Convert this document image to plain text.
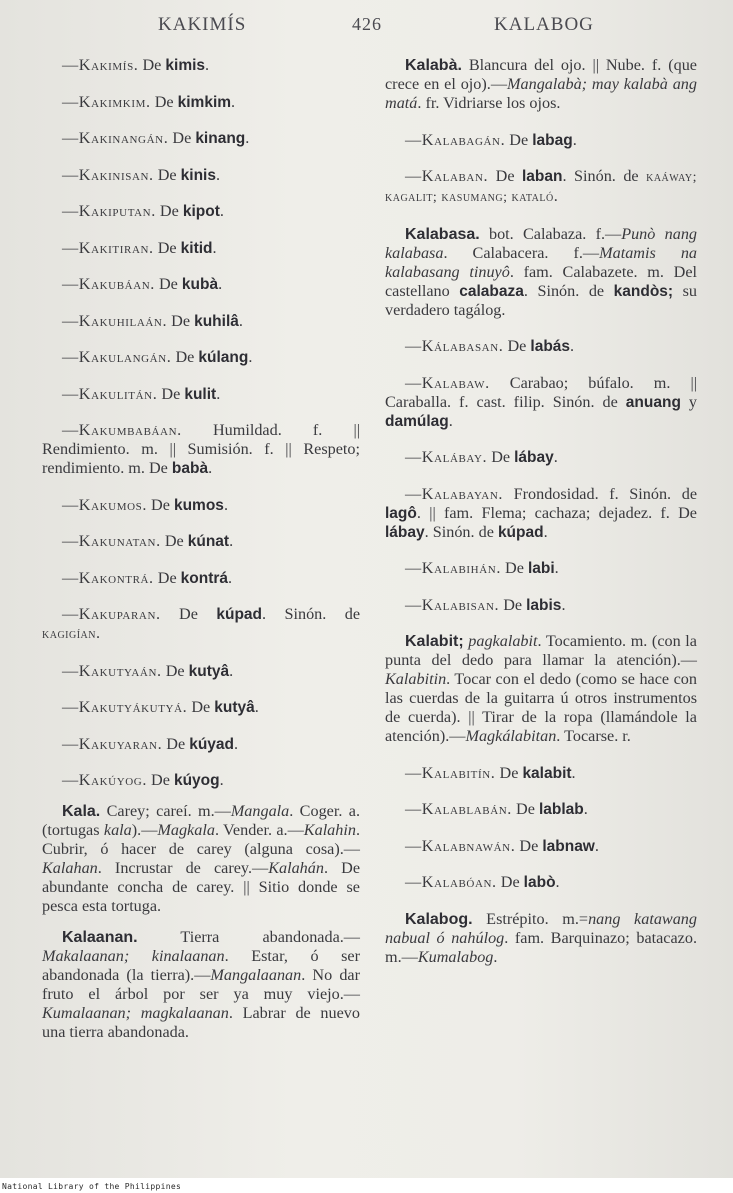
KAKIMÍS	426	KALABOG
—Kakimís. De kimis.
—Kakimkim. De kimkim.
—Kakinangán. De kinang.
—Kakinisan. De kinis.
—Kakiputan. De kipot.
—Kakitiran. De kitid.
—Kakubáan. De kubà.
—Kakuhilaán. De kuhilâ.
—Kakulangán. De kúlang.
—Kakulitán. De kulit.
—Kakumbabáan. Humildad. f. || Rendimiento. m. || Sumisión. f. || Respeto; rendimiento. m. De babà.
—Kakumos. De kumos.
—Kakunatan. De kúnat.
—Kakontrá. De kontrá.
—Kakuparan. De kúpad. Sinón. de kagigían.
—Kakutyaán. De kutyâ.
—Kakutyákutyá. De kutyâ.
—Kakuyaran. De kúyad.
—Kakúyog. De kúyog.
Kala. Carey; careí. m.—Mangala. Coger. a. (tortugas kala).—Magkala. Vender. a.—Kalahin. Cubrir, ó hacer de carey (alguna cosa).—Kalahan. Incrustar de carey.—Kalahán. De abundante concha de carey. || Sitio donde se pesca esta tortuga.
Kalaanan. Tierra abandonada.—Makalaanan; kinalaanan. Estar, ó ser abandonada (la tierra).—Mangalaanan. No dar fruto el árbol por ser ya muy viejo.—Kumalaanan; magkalaanan. Labrar de nuevo una tierra abandonada.
Kalabà. Blancura del ojo. || Nube. f. (que crece en el ojo).—Mangalabà; may kalabà ang matá. fr. Vidriarse los ojos.
—Kalabagán. De labag.
—Kalaban. De laban. Sinón. de kaáway; kagalit; kasumang; kataló.
Kalabasa. bot. Calabaza. f.—Punò nang kalabasa. Calabacera. f.—Matamis na kalabasang tinuyô. fam. Calabazete. m. Del castellano calabaza. Sinón. de kandòs; su verdadero tagálog.
—Kálabasan. De labás.
—Kalabaw. Carabao; búfalo. m. || Caraballa. f. cast. filip. Sinón. de anuang y damúlag.
—Kalábay. De lábay.
—Kalabayan. Frondosidad. f. Sinón. de lagô. || fam. Flema; cachaza; dejadez. f. De lábay. Sinón. de kúpad.
—Kalabihán. De labi.
—Kalabisan. De labis.
Kalabit; pagkalabit. Tocamiento. m. (con la punta del dedo para llamar la atención).—Kalabitin. Tocar con el dedo (como se hace con las cuerdas de la guitarra ú otros instrumentos de cuerda). || Tirar de la ropa (llamándole la atención).—Magkálabitan. Tocarse. r.
—Kalabitín. De kalabit.
—Kalablabán. De lablab.
—Kalabnawán. De labnaw.
—Kalabóan. De labò.
Kalabog. Estrépito. m.=nang katawang nabual ó nahúlog. fam. Barquinazo; batacazo. m.—Kumalabog.
National Library of the Philippines
